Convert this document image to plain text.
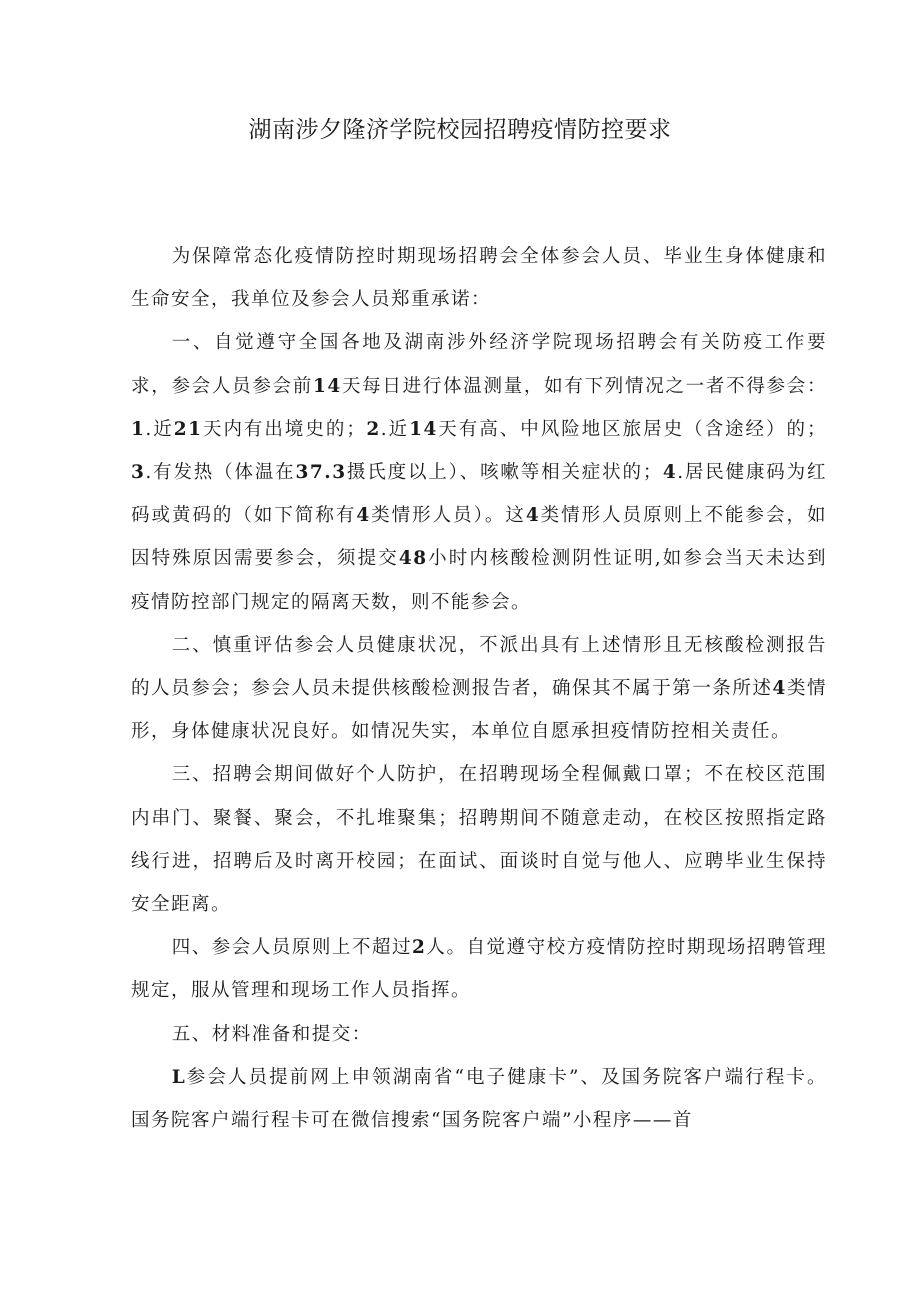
湖南涉夕隆济学院校园招聘疫情防控要求

为保障常态化疫情防控时期现场招聘会全体参会人员、毕业生身体健康和生命安全，我单位及参会人员郑重承诺：

一、自觉遵守全国各地及湖南涉外经济学院现场招聘会有关防疫工作要求，参会人员参会前14天每日进行体温测量，如有下列情况之一者不得参会：1.近21天内有出境史的；2.近14天有高、中风险地区旅居史（含途经）的；3.有发热（体温在37.3摄氏度以上）、咳嗽等相关症状的；4.居民健康码为红码或黄码的（如下简称有4类情形人员）。这4类情形人员原则上不能参会，如因特殊原因需要参会，须提交48小时内核酸检测阴性证明,如参会当天未达到疫情防控部门规定的隔离天数，则不能参会。

二、慎重评估参会人员健康状况，不派出具有上述情形且无核酸检测报告的人员参会；参会人员未提供核酸检测报告者，确保其不属于第一条所述4类情形，身体健康状况良好。如情况失实，本单位自愿承担疫情防控相关责任。

三、招聘会期间做好个人防护，在招聘现场全程佩戴口罩；不在校区范围内串门、聚餐、聚会，不扎堆聚集；招聘期间不随意走动，在校区按照指定路线行进，招聘后及时离开校园；在面试、面谈时自觉与他人、应聘毕业生保持安全距离。

四、参会人员原则上不超过2人。自觉遵守校方疫情防控时期现场招聘管理规定，服从管理和现场工作人员指挥。

五、材料准备和提交：

L参会人员提前网上申领湖南省“电子健康卡”、及国务院客户端行程卡。国务院客户端行程卡可在微信搜索“国务院客户端”小程序——首
